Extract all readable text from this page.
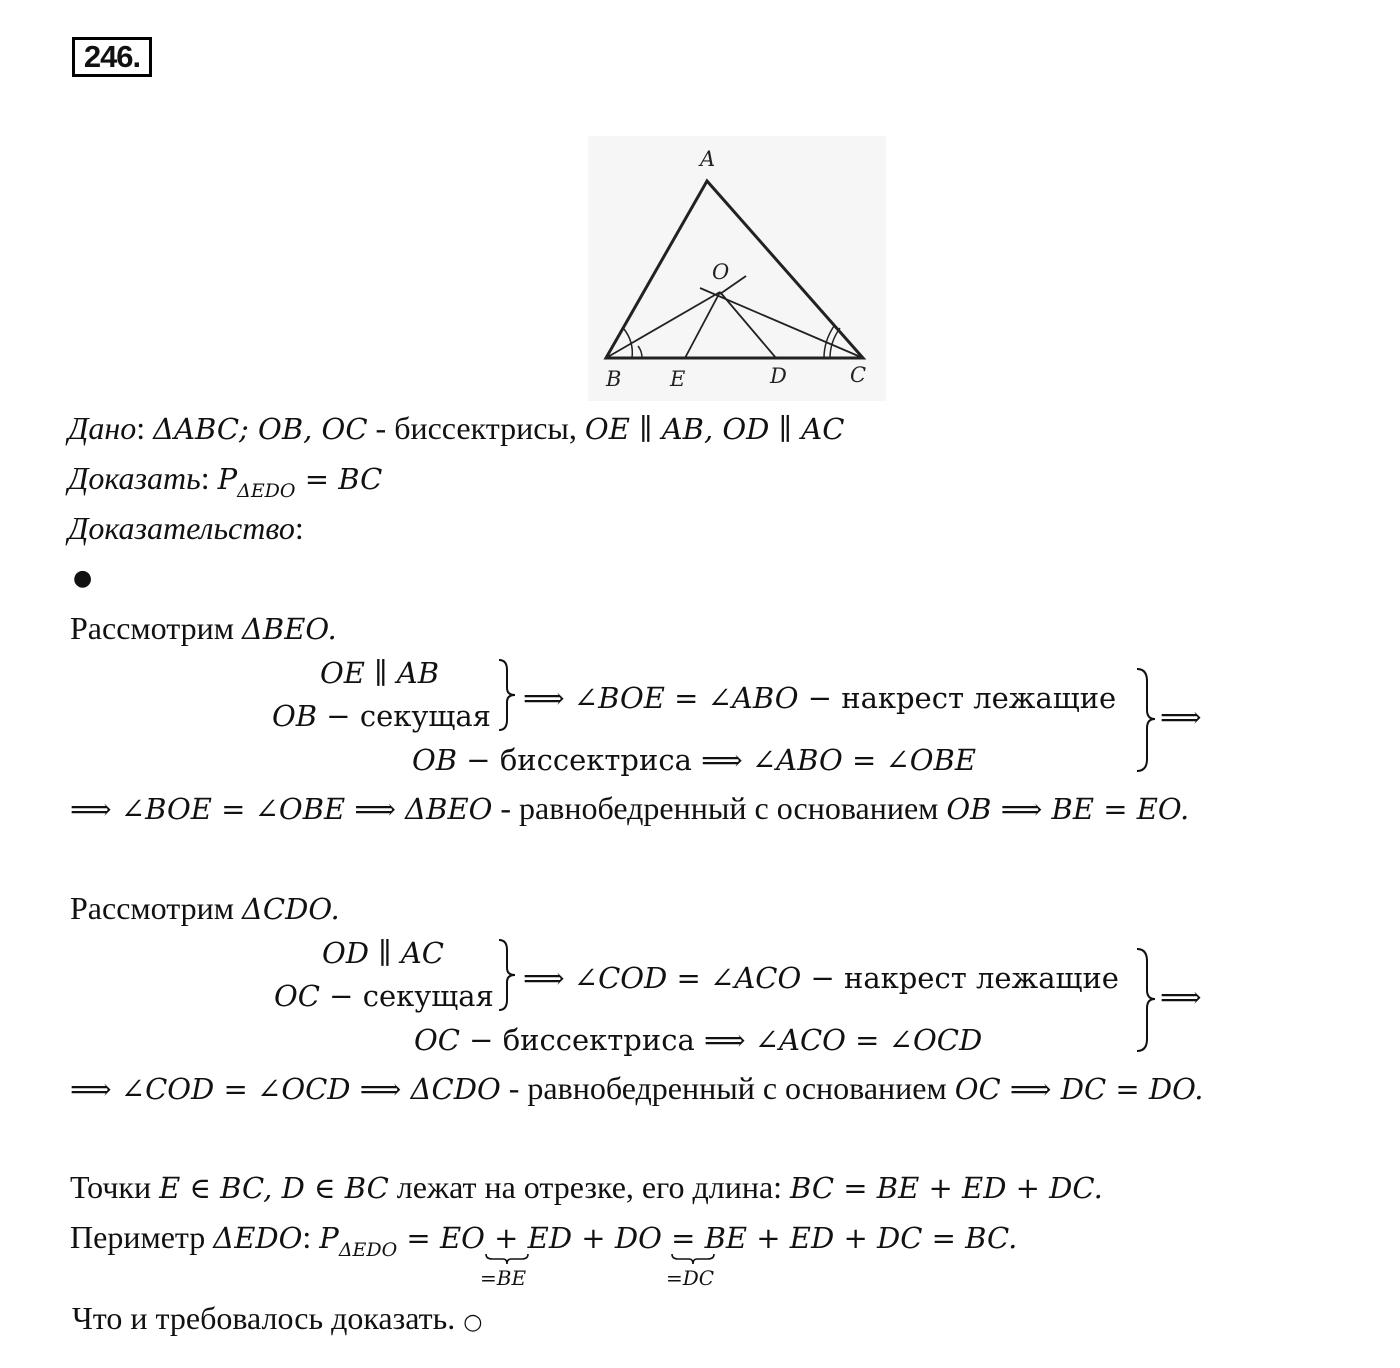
246.
A
O
B E	D	C
Дано: ΔABC; OB, OC - биссектрисы, OE ∥ AB, OD ∥ AC
Доказать: $P_{\Delta EDO}$ = BC
Доказательство:
●
Рассмотрим ΔBEO.
OE ∥ AB
OB − секущая
⟹ ∠BOE = ∠ABO − накрест лежащие
OB − биссектриса ⟹ ∠ABO = ∠OBE
⟹
⟹ ∠BOE = ∠OBE ⟹ ΔBEO - равнобедренный с основанием OB ⟹ BE = EO.
Рассмотрим ΔCDO.
OD ∥ AC
OC − секущая
⟹ ∠COD = ∠ACO − накрест лежащие
OC − биссектриса ⟹ ∠ACO = ∠OCD
⟹
⟹ ∠COD = ∠OCD ⟹ ΔCDO - равнобедренный с основанием OC ⟹ DC = DO.
Точки E ∈ BC, D ∈ BC лежат на отрезке, его длина: BC = BE + ED + DC.
Периметр ΔEDO: $P_{\Delta EDO}$ = EO + ED + DO = BE + ED + DC = BC.
=BE	=DC
Что и требовалось доказать. ○
